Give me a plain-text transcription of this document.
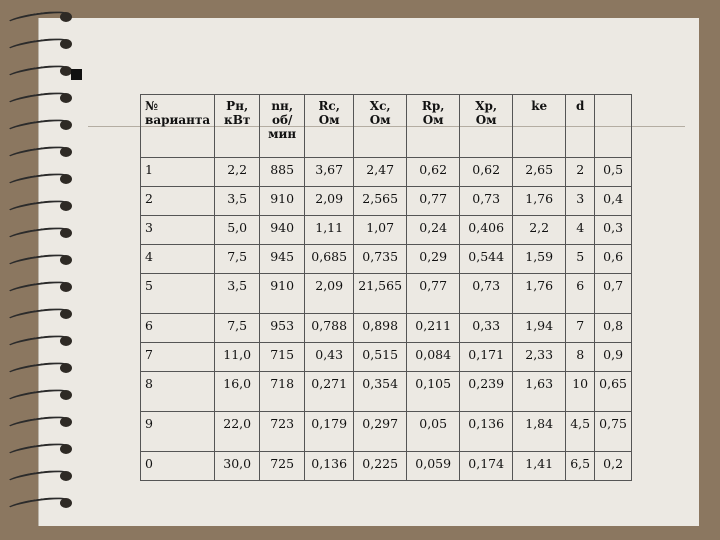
№ варианта	Pн, кВт	nн, об/мин	Rc, Ом	Xc, Ом	Rp, Ом	Xp, Ом	kе	d	
1	2,2	885	3,67	2,47	0,62	0,62	2,65	2	0,5
2	3,5	910	2,09	2,565	0,77	0,73	1,76	3	0,4
3	5,0	940	1,11	1,07	0,24	0,406	2,2	4	0,3
4	7,5	945	0,685	0,735	0,29	0,544	1,59	5	0,6
5	3,5	910	2,09	21,565	0,77	0,73	1,76	6	0,7
6	7,5	953	0,788	0,898	0,211	0,33	1,94	7	0,8
7	11,0	715	0,43	0,515	0,084	0,171	2,33	8	0,9
8	16,0	718	0,271	0,354	0,105	0,239	1,63	10	0,65
9	22,0	723	0,179	0,297	0,05	0,136	1,84	4,5	0,75
0	30,0	725	0,136	0,225	0,059	0,174	1,41	6,5	0,2
